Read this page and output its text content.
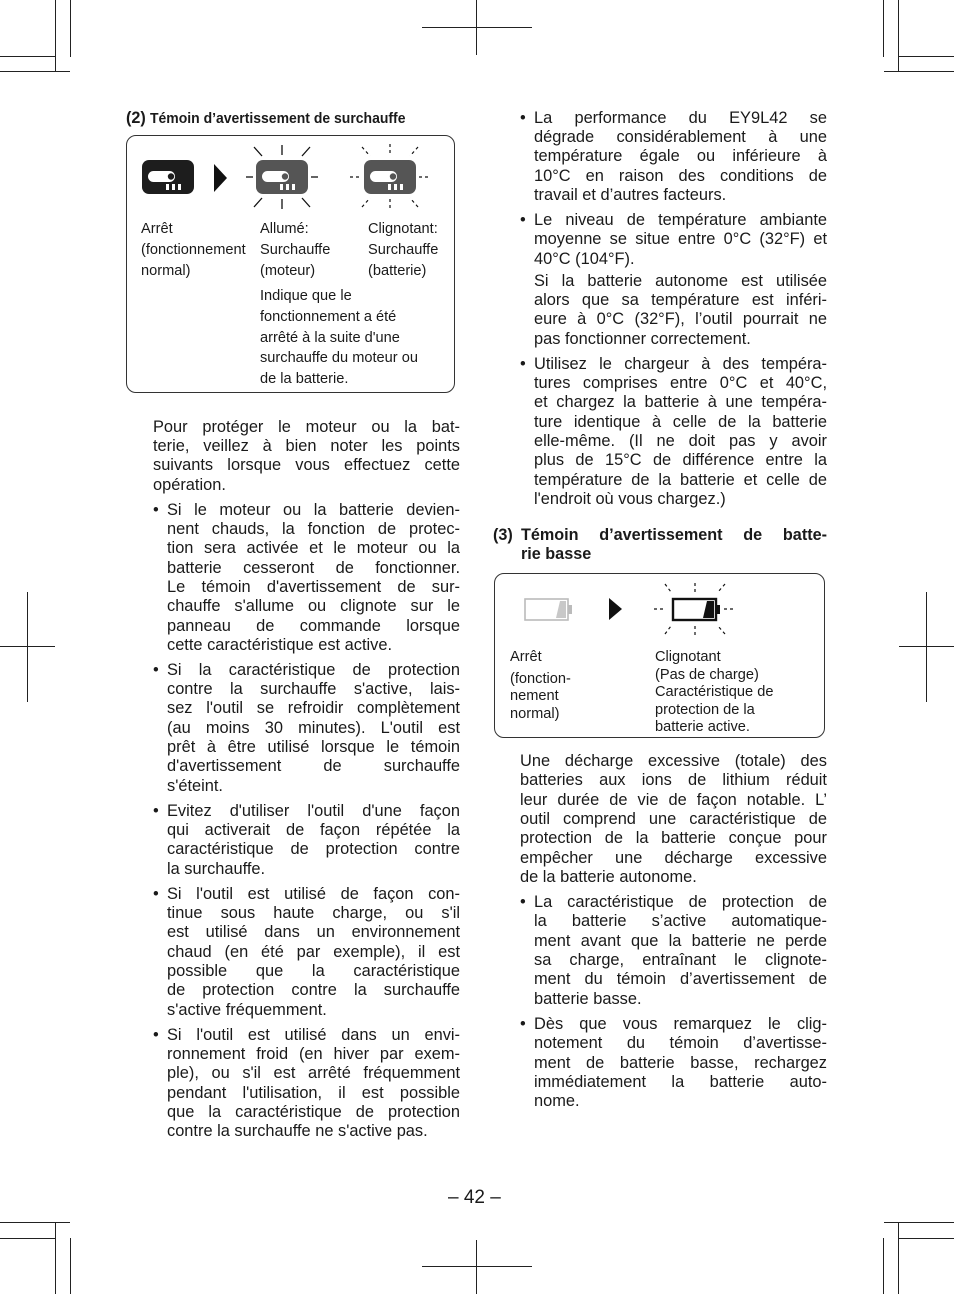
(2) Témoin d’avertissement de surchauffe
Arrêt
(fonctionnement
normal)
Allumé:
Surchauffe
(moteur)
Clignotant:
Surchauffe
(batterie)
Indique que le
fonctionnement a été
arrêté à la suite d'une
surchauffe du moteur ou
de la batterie.
Pour protéger le moteur ou la bat-
terie, veillez à bien noter les points
suivants lorsque vous effectuez cette
opération.
• Si le moteur ou la batterie devien-
nent chauds, la fonction de protec-
tion sera activée et le moteur ou la
batterie cesseront de fonctionner.
Le témoin d'avertissement de sur-
chauffe s'allume ou clignote sur le
panneau de commande lorsque
cette caractéristique est active.
• Si la caractéristique de protection
contre la surchauffe s'active, lais-
sez l'outil se refroidir complètement
(au moins 30 minutes). L'outil est
prêt à être utilisé lorsque le témoin
d'avertissement de surchauffe
s'éteint.
• Evitez d'utiliser l'outil d'une façon
qui activerait de façon répétée la
caractéristique de protection contre
la surchauffe.
• Si l'outil est utilisé de façon con-
tinue sous haute charge, ou s'il
est utilisé dans un environnement
chaud (en été par exemple), il est
possible que la caractéristique
de protection contre la surchauffe
s'active fréquemment.
• Si l'outil est utilisé dans un envi-
ronnement froid (en hiver par exem-
ple), ou s'il est arrêté fréquemment
pendant l'utilisation, il est possible
que la caractéristique de protection
contre la surchauffe ne s'active pas.
• La performance du EY9L42 se
dégrade considérablement à une
température égale ou inférieure à
10°C en raison des conditions de
travail et d’autres facteurs.
• Le niveau de température ambiante
moyenne se situe entre 0°C (32°F) et
40°C (104°F).
Si la batterie autonome est utilisée
alors que sa température est inféri-
eure à 0°C (32°F), l’outil pourrait ne
pas fonctionner correctement.
• Utilisez le chargeur à des tempéra-
tures comprises entre 0°C et 40°C,
et chargez la batterie à une tempéra-
ture identique à celle de la batterie
elle-même. (Il ne doit pas y avoir
plus de 15°C de différence entre la
température de la batterie et celle de
l'endroit où vous chargez.)
(3) Témoin d’avertissement de batte-
rie basse
Arrêt
(fonction-
nement
normal)
Clignotant
(Pas de charge)
Caractéristique de
protection de la
batterie active.
Une décharge excessive (totale) des
batteries aux ions de lithium réduit
leur durée de vie de façon notable. L’
outil comprend une caractéristique de
protection de la batterie conçue pour
empêcher une décharge excessive
de la batterie autonome.
• La caractéristique de protection de
la batterie s’active automatique-
ment avant que la batterie ne perde
sa charge, entraînant le clignote-
ment du témoin d’avertissement de
batterie basse.
• Dès que vous remarquez le clig-
notement du témoin d’avertisse-
ment de batterie basse, rechargez
immédiatement la batterie auto-
nome.
– 42 –
